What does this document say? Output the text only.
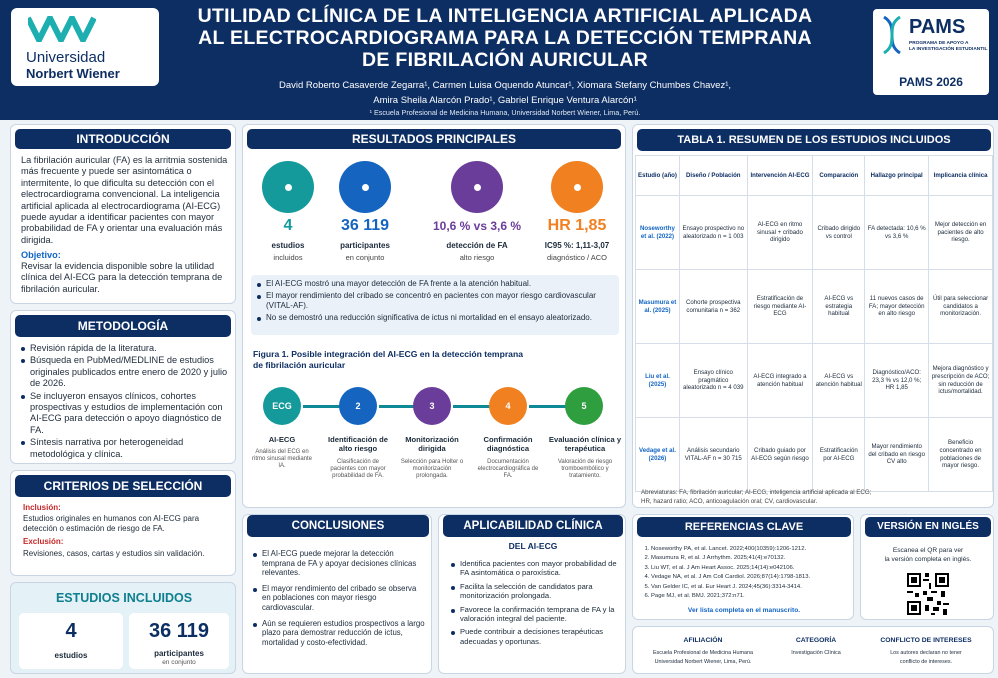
Universidad
Norbert Wiener
UTILIDAD CLÍNICA DE LA INTELIGENCIA ARTIFICIAL APLICADA
AL ELECTROCARDIOGRAMA PARA LA DETECCIÓN TEMPRANA
DE FIBRILACIÓN AURICULAR
David Roberto Casaverde Zegarra¹, Carmen Luisa Oquendo Atuncar¹, Xiomara Stefany Chumbes Chavez¹,
Amira Sheila Alarcón Prado¹, Gabriel Enrique Ventura Alarcón¹
¹ Escuela Profesional de Medicina Humana, Universidad Norbert Wiener, Lima, Perú.
PAMS
PROGRAMA DE APOYO A
LA INVESTIGACIÓN ESTUDIANTIL
PAMS 2026
INTRODUCCIÓN
La fibrilación auricular (FA) es la arritmia sostenida más frecuente y puede ser asintomática o intermitente, lo que dificulta su detección con el electrocardiograma convencional. La inteligencia artificial aplicada al electrocardiograma (AI-ECG) puede ayudar a identificar pacientes con mayor probabilidad de FA y orientar una evaluación más dirigida.
Objetivo:
Revisar la evidencia disponible sobre la utilidad clínica del AI-ECG para la detección temprana de fibrilación auricular.
METODOLOGÍA
Revisión rápida de la literatura.
Búsqueda en PubMed/MEDLINE de estudios originales publicados entre enero de 2020 y julio de 2026.
Se incluyeron ensayos clínicos, cohortes prospectivas y estudios de implementación con AI-ECG para detección o apoyo diagnóstico de FA.
Síntesis narrativa por heterogeneidad metodológica y clínica.
CRITERIOS DE SELECCIÓN
Inclusión:
Estudios originales en humanos con AI-ECG para detección o estimación de riesgo de FA.
Exclusión:
Revisiones, casos, cartas y estudios sin validación.
ESTUDIOS INCLUIDOS
4
estudios
36 119
participantes
en conjunto
RESULTADOS PRINCIPALES
4	36 119	10,6 % vs 3,6 %	HR 1,85
estudios	participantes	detección de FA	IC95 %: 1,11-3,07
incluidos	en conjunto	alto riesgo	diagnóstico / ACO
El AI-ECG mostró una mayor detección de FA frente a la atención habitual.
El mayor rendimiento del cribado se concentró en pacientes con mayor riesgo cardiovascular (VITAL-AF).
No se demostró una reducción significativa de ictus ni mortalidad en el ensayo aleatorizado.
Figura 1. Posible integración del AI-ECG en la detección temprana
de fibrilación auricular
ECG	2	3	4	5
AI-ECG	Identificación de alto riesgo
Monitorización dirigida
Confirmación diagnóstica
Evaluación clínica y terapéutica
Análisis del ECG en ritmo sinusal mediante IA.
Clasificación de pacientes con mayor probabilidad de FA.
Selección para Holter o monitorización prolongada.
Documentación electrocardiográfica de FA.
Valoración de riesgo tromboembólico y tratamiento.
CONCLUSIONES
El AI-ECG puede mejorar la detección temprana de FA y apoyar decisiones clínicas relevantes.
El mayor rendimiento del cribado se observa en poblaciones con mayor riesgo cardiovascular.
Aún se requieren estudios prospectivos a largo plazo para demostrar reducción de ictus, mortalidad y costo-efectividad.
APLICABILIDAD CLÍNICA
DEL AI-ECG
Identifica pacientes con mayor probabilidad de FA asintomática o paroxística.
Facilita la selección de candidatos para monitorización prolongada.
Favorece la confirmación temprana de FA y la valoración integral del paciente.
Puede contribuir a decisiones terapéuticas adecuadas y oportunas.
TABLA 1. RESUMEN DE LOS ESTUDIOS INCLUIDOS
Estudio (año)	Diseño / Población	Intervención AI-ECG	Comparación	Hallazgo principal	Implicancia clínica
Noseworthy et al. (2022)	Ensayo prospectivo no aleatorizado n = 1 003	AI-ECG en ritmo sinusal + cribado dirigido	Cribado dirigido vs control	FA detectada: 10,6 % vs 3,6 %	Mejor detección en pacientes de alto riesgo.
Masumura et al. (2025)	Cohorte prospectiva comunitaria n = 362	Estratificación de riesgo mediante AI-ECG	AI-ECG vs estrategia habitual	11 nuevos casos de FA; mayor detección en alto riesgo	Útil para seleccionar candidatos a monitorización.
Liu et al. (2025)	Ensayo clínico pragmático aleatorizado n = 4 039	AI-ECG integrado a atención habitual	AI-ECG vs atención habitual	Diagnóstico/ACO: 23,3 % vs 12,0 %; HR 1,85	Mejora diagnóstico y prescripción de ACO; sin reducción de ictus/mortalidad.
Vedage et al. (2026)	Análisis secundario VITAL-AF n = 30 715	Cribado guiado por AI-ECG según riesgo	Estratificación por AI-ECG	Mayor rendimiento del cribado en riesgo CV alto	Beneficio concentrado en poblaciones de mayor riesgo.
Abreviaturas: FA, fibrilación auricular; AI-ECG, inteligencia artificial aplicada al ECG;
HR, hazard ratio; ACO, anticoagulación oral; CV, cardiovascular.
REFERENCIAS CLAVE
1. Noseworthy PA, et al. Lancet. 2022;400(10359):1206-1212.
2. Masumura R, et al. J Arrhythm. 2025;41(4):e70132.
3. Liu WT, et al. J Am Heart Assoc. 2025;14(14):e042106.
4. Vedage NA, et al. J Am Coll Cardiol. 2026;87(14):1798-1813.
5. Van Gelder IC, et al. Eur Heart J. 2024;45(36):3314-3414.
6. Page MJ, et al. BMJ. 2021;372:n71.
Ver lista completa en el manuscrito.
VERSIÓN EN INGLÉS
Escanea el QR para ver
la versión completa en inglés.
AFILIACIÓN
Escuela Profesional de Medicina Humana
Universidad Norbert Wiener, Lima, Perú.
CATEGORÍA
Investigación Clínica
CONFLICTO DE INTERESES
Los autores declaran no tener
conflicto de intereses.
